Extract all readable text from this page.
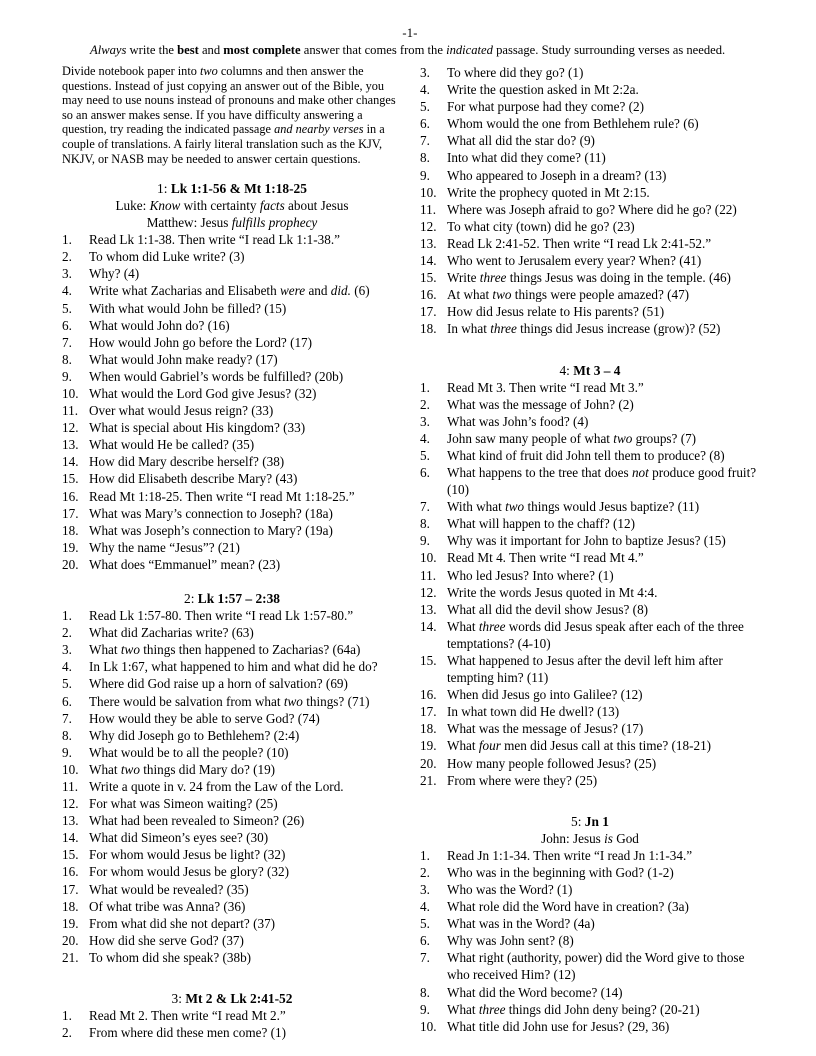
-1-

Always write the best and most complete answer that comes from the indicated passage. Study surrounding verses as needed.

Divide notebook paper into two columns and then answer the questions. Instead of just copying an answer out of the Bible, you may need to use nouns instead of pronouns and make other changes so an answer makes sense. If you have difficulty answering a question, try reading the indicated passage and nearby verses in a couple of translations. A fairly literal translation such as the KJV, NKJV, or NASB may be needed to answer certain questions.

1: Lk 1:1-56 & Mt 1:18-25

Luke: Know with certainty facts about Jesus

Matthew: Jesus fulfills prophecy

1.	Read Lk 1:1-38. Then write “I read Lk 1:1-38.”
2.	To whom did Luke write? (3)
3.	Why? (4)
4.	Write what Zacharias and Elisabeth were and did. (6)
5.	With what would John be filled? (15)
6.	What would John do? (16)
7.	How would John go before the Lord? (17)
8.	What would John make ready? (17)
9.	When would Gabriel’s words be fulfilled? (20b)
10. What would the Lord God give Jesus? (32)
11. Over what would Jesus reign? (33)
12. What is special about His kingdom? (33)
13. What would He be called? (35)
14. How did Mary describe herself? (38)
15. How did Elisabeth describe Mary? (43)
16. Read Mt 1:18-25. Then write “I read Mt 1:18-25.”
17. What was Mary’s connection to Joseph? (18a)
18. What was Joseph’s connection to Mary? (19a)
19. Why the name “Jesus”? (21)
20. What does “Emmanuel” mean? (23)

2: Lk 1:57 – 2:38

1.	Read Lk 1:57-80. Then write “I read Lk 1:57-80.”
2.	What did Zacharias write? (63)
3.	What two things then happened to Zacharias? (64a)
4.	In Lk 1:67, what happened to him and what did he do?
5.	Where did God raise up a horn of salvation? (69)
6.	There would be salvation from what two things? (71)
7.	How would they be able to serve God? (74)
8.	Why did Joseph go to Bethlehem? (2:4)
9.	What would be to all the people? (10)
10. What two things did Mary do? (19)
11. Write a quote in v. 24 from the Law of the Lord.
12. For what was Simeon waiting? (25)
13. What had been revealed to Simeon? (26)
14. What did Simeon’s eyes see? (30)
15. For whom would Jesus be light? (32)
16. For whom would Jesus be glory? (32)
17. What would be revealed? (35)
18. Of what tribe was Anna? (36)
19. From what did she not depart? (37)
20. How did she serve God? (37)
21. To whom did she speak? (38b)

3: Mt 2 & Lk 2:41-52

1.	Read Mt 2. Then write “I read Mt 2.”
2.	From where did these men come? (1)
3.	To where did they go? (1)
4.	Write the question asked in Mt 2:2a.
5.	For what purpose had they come? (2)
6.	Whom would the one from Bethlehem rule? (6)
7.	What all did the star do? (9)
8.	Into what did they come? (11)
9.	Who appeared to Joseph in a dream? (13)
10. Write the prophecy quoted in Mt 2:15.
11. Where was Joseph afraid to go? Where did he go? (22)
12. To what city (town) did he go? (23)
13. Read Lk 2:41-52. Then write “I read Lk 2:41-52.”
14. Who went to Jerusalem every year? When? (41)
15. Write three things Jesus was doing in the temple. (46)
16. At what two things were people amazed? (47)
17. How did Jesus relate to His parents? (51)
18. In what three things did Jesus increase (grow)? (52)

4: Mt 3 – 4

1.	Read Mt 3. Then write “I read Mt 3.”
2.	What was the message of John? (2)
3.	What was John’s food? (4)
4.	John saw many people of what two groups? (7)
5.	What kind of fruit did John tell them to produce? (8)
6.	What happens to the tree that does not produce good fruit? (10)
7.	With what two things would Jesus baptize? (11)
8.	What will happen to the chaff? (12)
9.	Why was it important for John to baptize Jesus? (15)
10. Read Mt 4. Then write “I read Mt 4.”
11. Who led Jesus? Into where? (1)
12. Write the words Jesus quoted in Mt 4:4.
13. What all did the devil show Jesus? (8)
14. What three words did Jesus speak after each of the three temptations? (4-10)
15. What happened to Jesus after the devil left him after tempting him? (11)
16. When did Jesus go into Galilee? (12)
17. In what town did He dwell? (13)
18. What was the message of Jesus? (17)
19. What four men did Jesus call at this time? (18-21)
20. How many people followed Jesus? (25)
21. From where were they? (25)

5: Jn 1

John: Jesus is God

1.	Read Jn 1:1-34. Then write “I read Jn 1:1-34.”
2.	Who was in the beginning with God? (1-2)
3.	Who was the Word? (1)
4.	What role did the Word have in creation? (3a)
5.	What was in the Word? (4a)
6.	Why was John sent? (8)
7.	What right (authority, power) did the Word give to those who received Him? (12)
8.	What did the Word become? (14)
9.	What three things did John deny being? (20-21)
10. What title did John use for Jesus? (29, 36)
